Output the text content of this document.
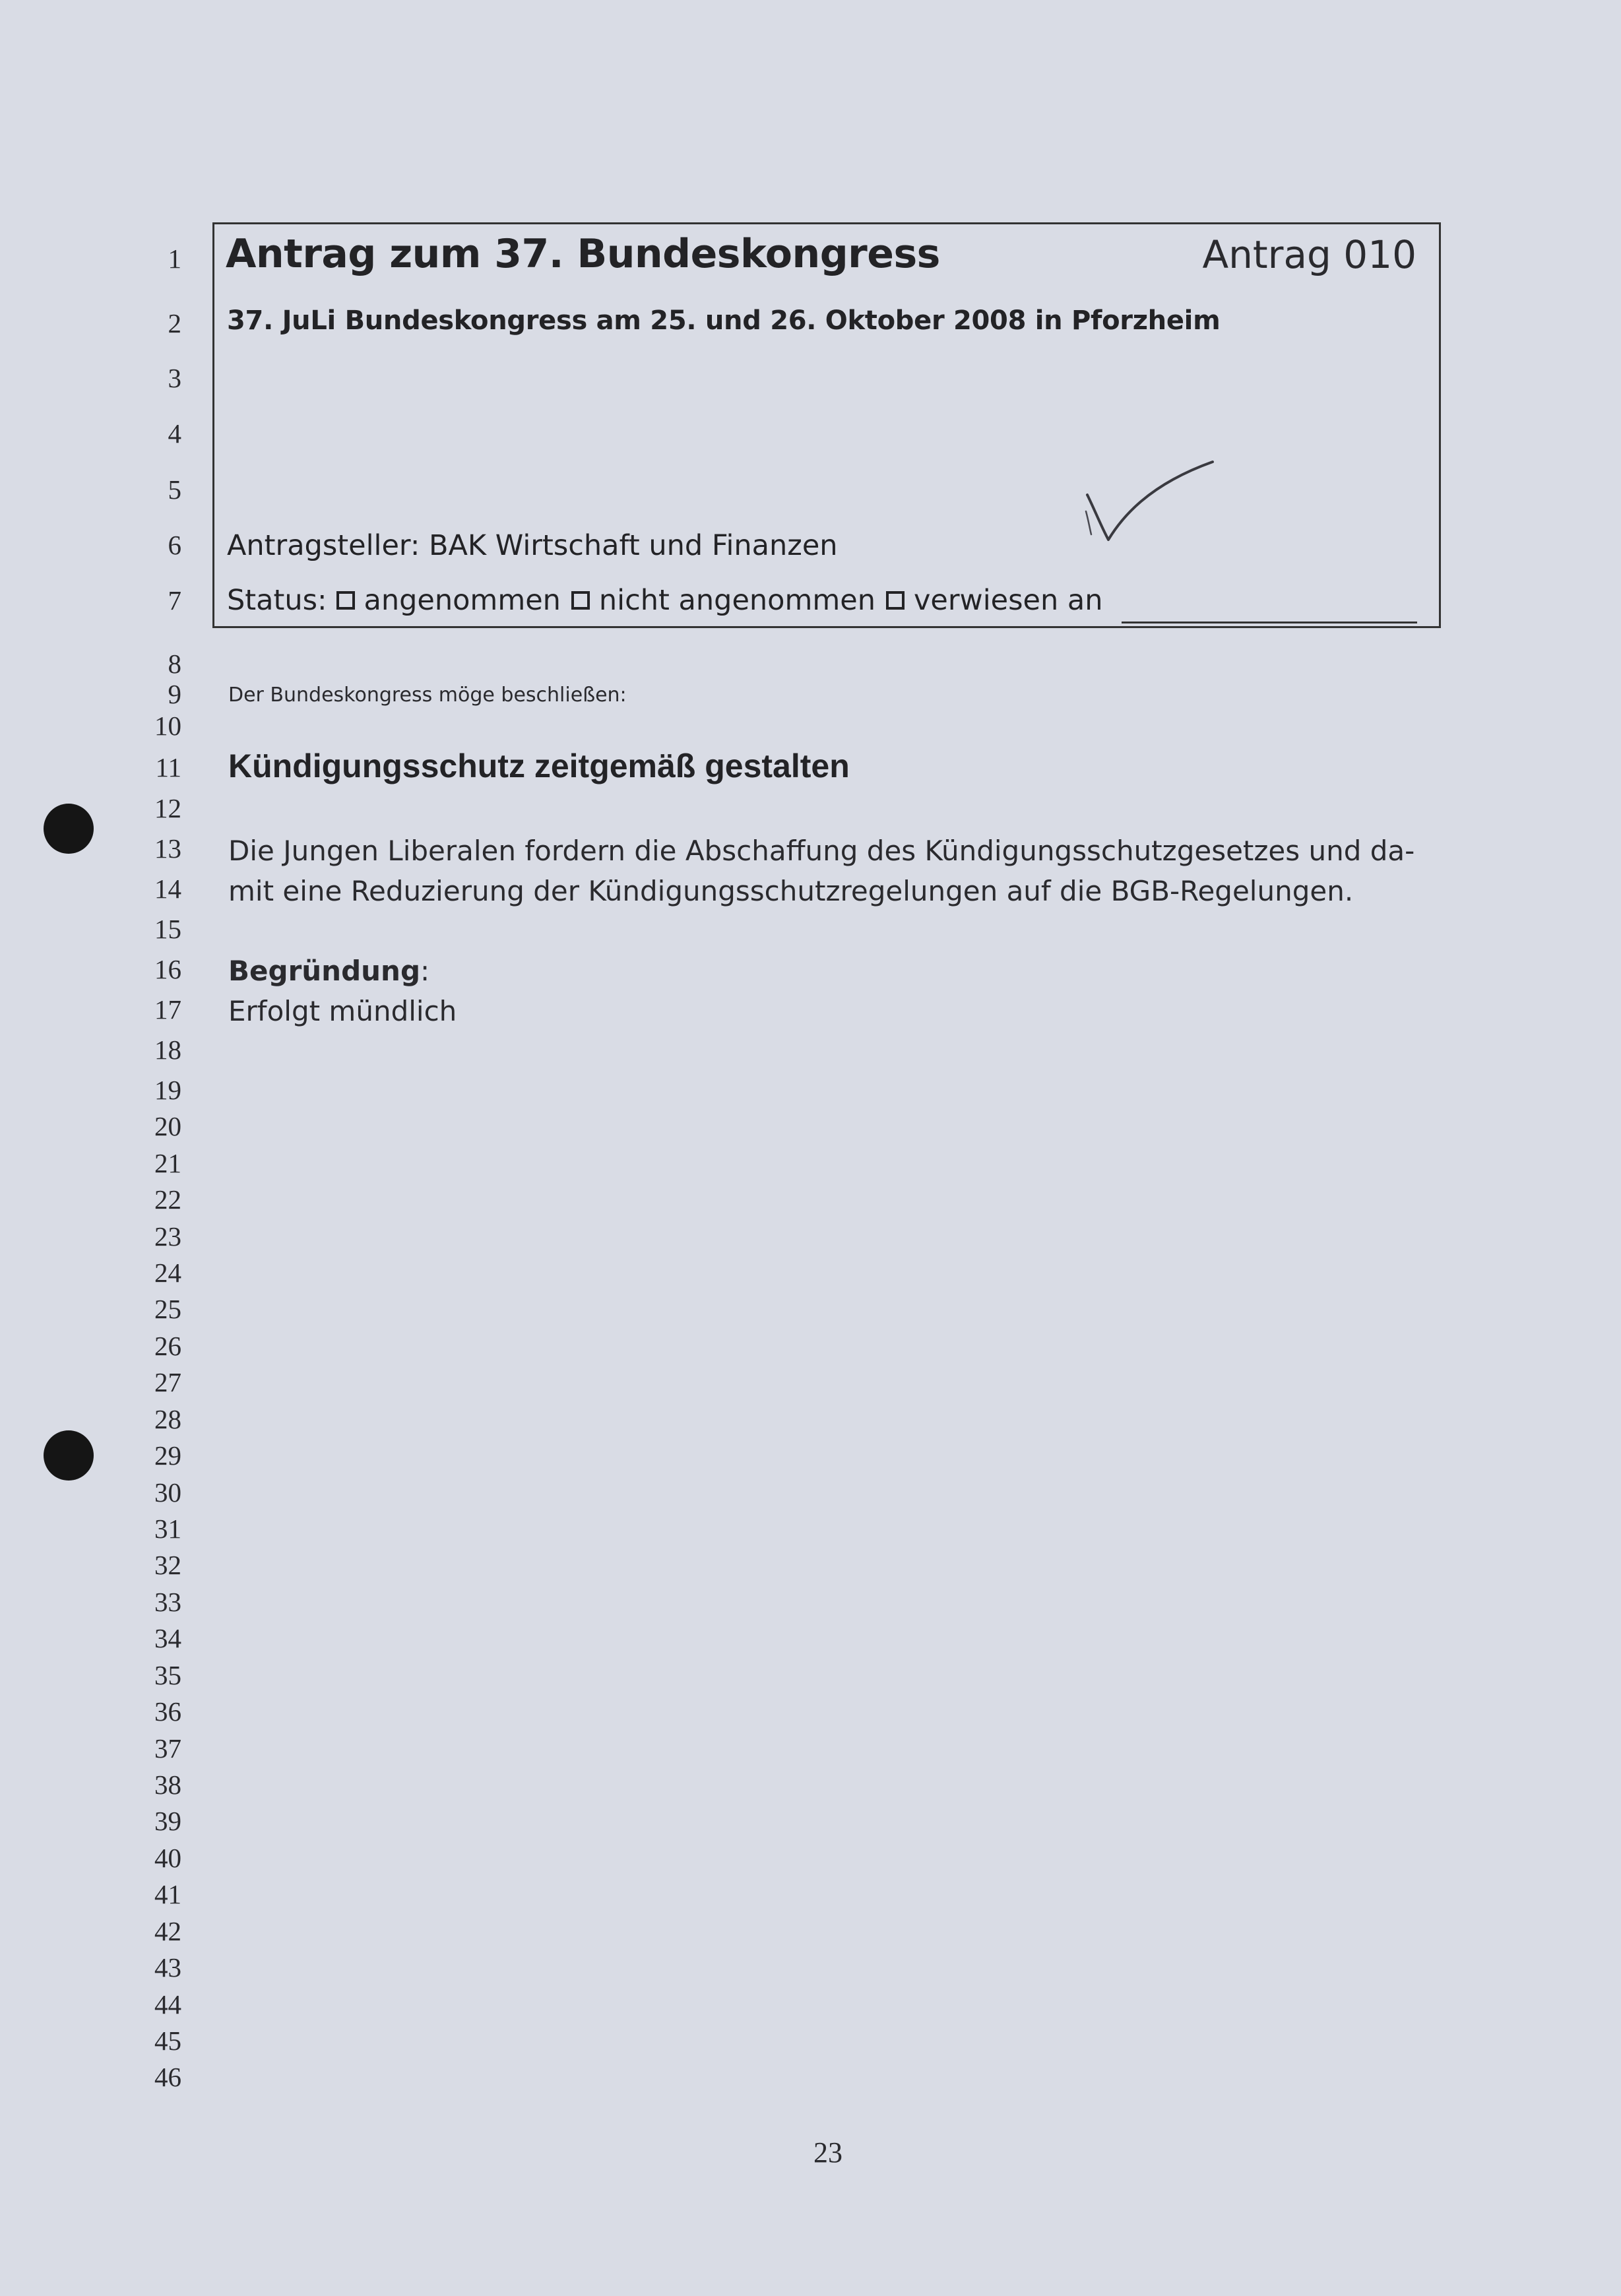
1
2
3
4
5
6
7
8
9
10
11
12
13
14
15
16
17
18
19
20
21
22
23
24
25
26
27
28
29
30
31
32
33
34
35
36
37
38
39
40
41
42
43
44
45
46
Antrag zum 37. Bundeskongress	Antrag 010
37. JuLi Bundeskongress am 25. und 26. Oktober 2008 in Pforzheim
Antragsteller: BAK Wirtschaft und Finanzen
Status: angenommen nicht angenommen verwiesen an
Der Bundeskongress möge beschließen:
Kündigungsschutz zeitgemäß gestalten
Die Jungen Liberalen fordern die Abschaffung des Kündigungsschutzgesetzes und da-
mit eine Reduzierung der Kündigungsschutzregelungen auf die BGB-Regelungen.
Begründung:
Erfolgt mündlich
23
